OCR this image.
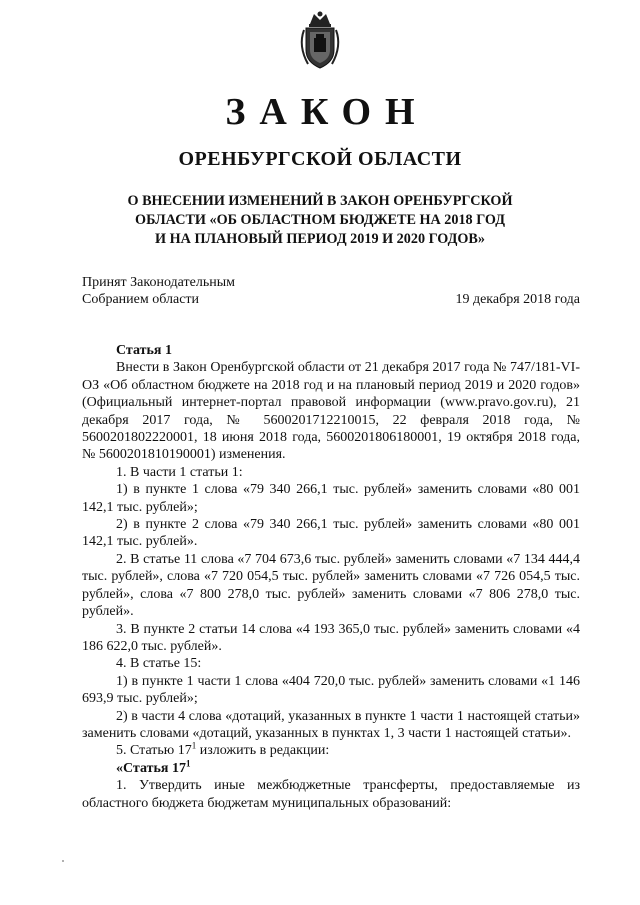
ЗАКОН
ОРЕНБУРГСКОЙ ОБЛАСТИ
О ВНЕСЕНИИ ИЗМЕНЕНИЙ В ЗАКОН ОРЕНБУРГСКОЙ
ОБЛАСТИ «ОБ ОБЛАСТНОМ БЮДЖЕТЕ НА 2018 ГОД
И НА ПЛАНОВЫЙ ПЕРИОД 2019 И 2020 ГОДОВ»
Принят Законодательным
Собранием области	19 декабря 2018 года
Статья 1
Внести в Закон Оренбургской области от 21 декабря 2017 года № 747/181-VI-ОЗ «Об областном бюджете на 2018 год и на плановый период 2019 и 2020 годов» (Официальный интернет-портал правовой информации (www.pravo.gov.ru), 21 декабря 2017 года, № 5600201712210015, 22 февраля 2018 года, № 5600201802220001, 18 июня 2018 года, 5600201806180001, 19 октября 2018 года, № 5600201810190001) изменения.
1. В части 1 статьи 1:
1) в пункте 1 слова «79 340 266,1 тыс. рублей» заменить словами «80 001 142,1 тыс. рублей»;
2) в пункте 2 слова «79 340 266,1 тыс. рублей» заменить словами «80 001 142,1 тыс. рублей».
2. В статье 11 слова «7 704 673,6 тыс. рублей» заменить словами «7 134 444,4 тыс. рублей», слова «7 720 054,5 тыс. рублей» заменить словами «7 726 054,5 тыс. рублей», слова «7 800 278,0 тыс. рублей» заменить словами «7 806 278,0 тыс. рублей».
3. В пункте 2 статьи 14 слова «4 193 365,0 тыс. рублей» заменить словами «4 186 622,0 тыс. рублей».
4. В статье 15:
1) в пункте 1 части 1 слова «404 720,0 тыс. рублей» заменить словами «1 146 693,9 тыс. рублей»;
2) в части 4 слова «дотаций, указанных в пункте 1 части 1 настоящей статьи» заменить словами «дотаций, указанных в пунктах 1, 3 части 1 настоящей статьи».
5. Статью $17^1$ изложить в редакции:
«Статья $17^1$
1. Утвердить иные межбюджетные трансферты, предоставляемые из областного бюджета бюджетам муниципальных образований:
